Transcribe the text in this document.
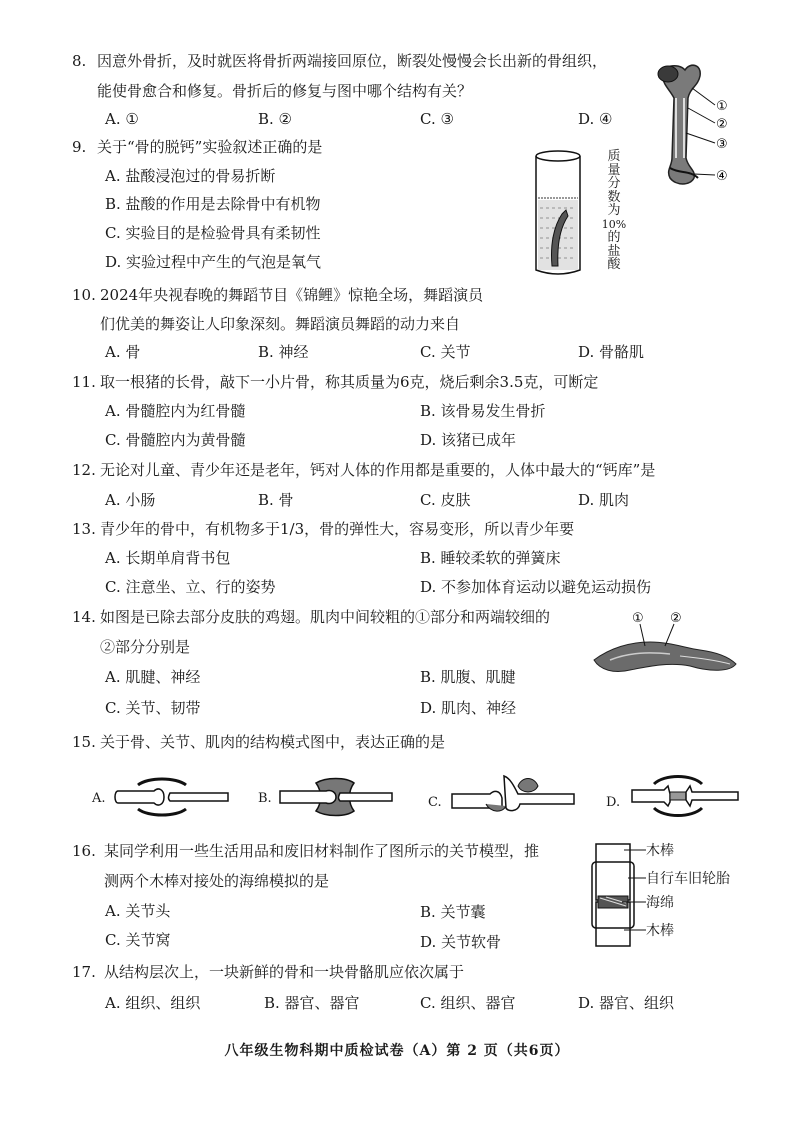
8. 因意外骨折，及时就医将骨折两端接回原位，断裂处慢慢会长出新的骨组织，
能使骨愈合和修复。骨折后的修复与图中哪个结构有关？
A. ①	B. ②	C. ③	D. ④
①
②
③
④
9. 关于“骨的脱钙”实验叙述正确的是
A. 盐酸浸泡过的骨易折断
B. 盐酸的作用是去除骨中有机物
C. 实验目的是检验骨具有柔韧性
D. 实验过程中产生的气泡是氧气
质
量
分
数
为
10%
的
盐
酸
10. 2024年央视春晚的舞蹈节目《锦鲤》惊艳全场，舞蹈演员
们优美的舞姿让人印象深刻。舞蹈演员舞蹈的动力来自
A. 骨	B. 神经	C. 关节	D. 骨骼肌
11. 取一根猪的长骨，敲下一小片骨，称其质量为6克，烧后剩余3.5克，可断定
A. 骨髓腔内为红骨髓	B. 该骨易发生骨折
C. 骨髓腔内为黄骨髓	D. 该猪已成年
12. 无论对儿童、青少年还是老年，钙对人体的作用都是重要的，人体中最大的“钙库”是
A. 小肠	B. 骨	C. 皮肤	D. 肌肉
13. 青少年的骨中，有机物多于1/3，骨的弹性大，容易变形，所以青少年要
A. 长期单肩背书包	B. 睡较柔软的弹簧床
C. 注意坐、立、行的姿势	D. 不参加体育运动以避免运动损伤
14. 如图是已除去部分皮肤的鸡翅。肌肉中间较粗的①部分和两端较细的
②部分分别是
A. 肌腱、神经	B. 肌腹、肌腱
C. 关节、韧带	D. 肌肉、神经
① ②
15. 关于骨、关节、肌肉的结构模式图中，表达正确的是
A.	B.	C.	D.
16. 某同学利用一些生活用品和废旧材料制作了图所示的关节模型，推
测两个木棒对接处的海绵模拟的是
A. 关节头	B. 关节囊
C. 关节窝	D. 关节软骨
木棒
自行车旧轮胎
海绵
木棒
17. 从结构层次上，一块新鲜的骨和一块骨骼肌应依次属于
A. 组织、组织	B. 器官、器官	C. 组织、器官	D. 器官、组织
八年级生物科期中质检试卷（A）第 2 页（共6页）
